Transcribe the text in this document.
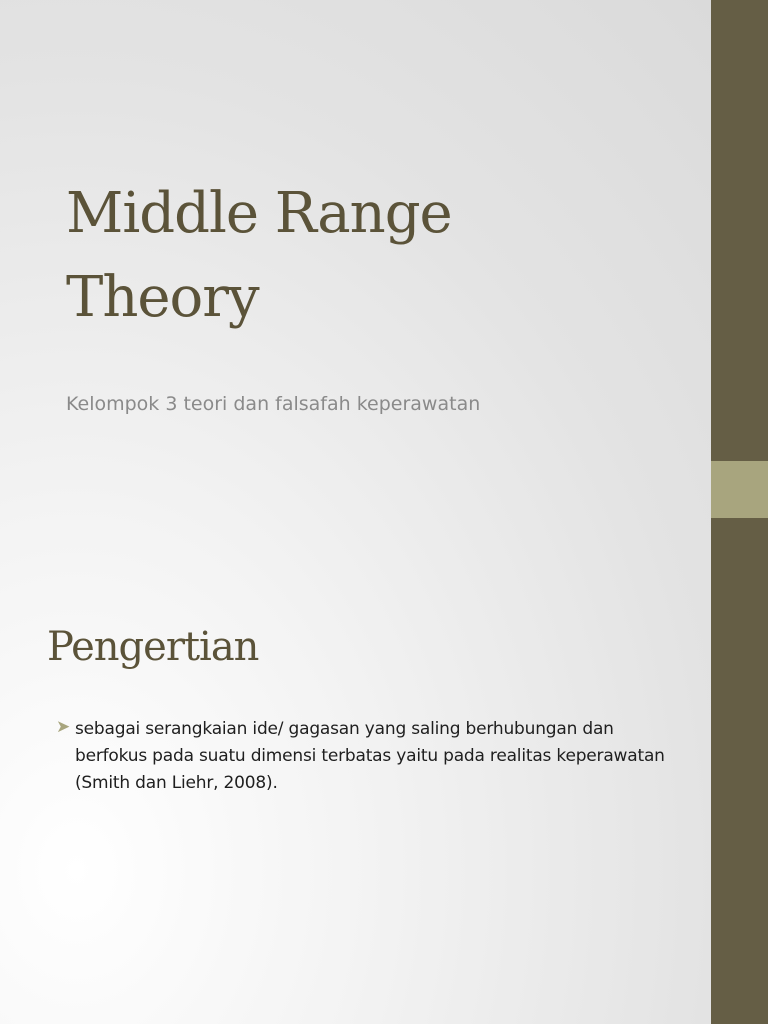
Middle Range
Theory

Kelompok 3 teori dan falsafah keperawatan

Pengertian
➤ sebagai serangkaian ide/ gagasan yang saling berhubungan dan berfokus pada suatu dimensi terbatas yaitu pada realitas keperawatan (Smith dan Liehr, 2008).
